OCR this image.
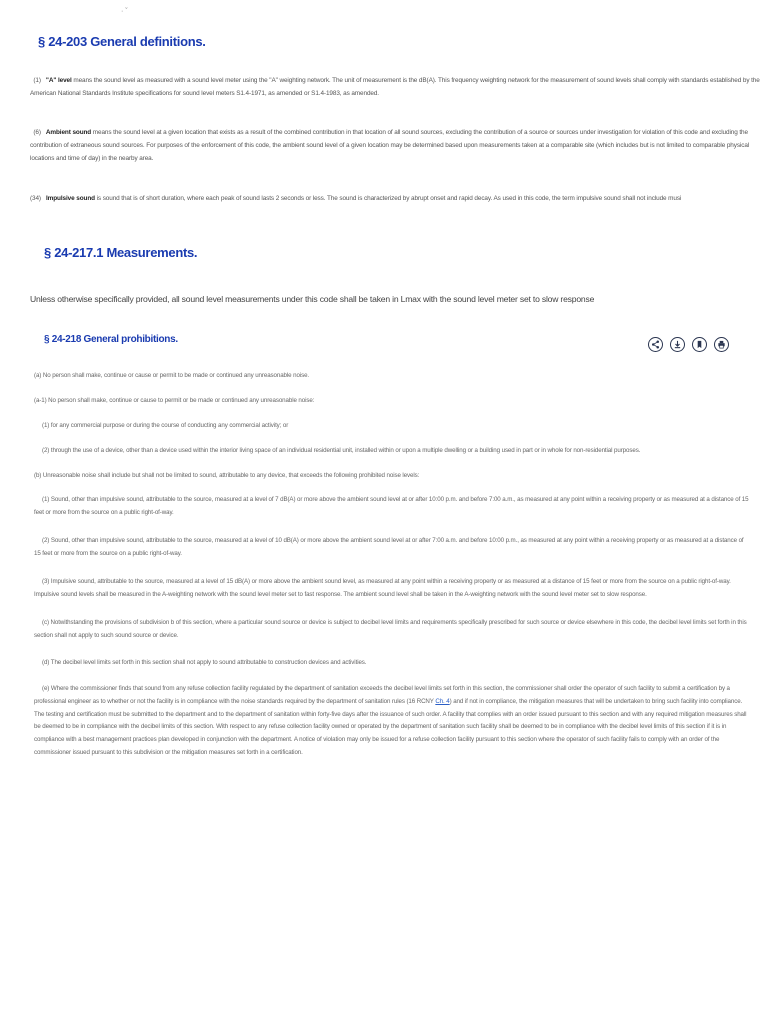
· ˇ
§ 24-203 General definitions.
(1) "A" level means the sound level as measured with a sound level meter using the "A" weighting network. The unit of measurement is the dB(A). This frequency weighting network for the measurement of sound levels shall comply with standards established by the American National Standards Institute specifications for sound level meters S1.4-1971, as amended or S1.4-1983, as amended.
(6) Ambient sound means the sound level at a given location that exists as a result of the combined contribution in that location of all sound sources, excluding the contribution of a source or sources under investigation for violation of this code and excluding the contribution of extraneous sound sources. For purposes of the enforcement of this code, the ambient sound level of a given location may be determined based upon measurements taken at a comparable site (which includes but is not limited to comparable physical locations and time of day) in the nearby area.
(34) Impulsive sound is sound that is of short duration, where each peak of sound lasts 2 seconds or less. The sound is characterized by abrupt onset and rapid decay. As used in this code, the term impulsive sound shall not include musi
§ 24-217.1 Measurements.
Unless otherwise specifically provided, all sound level measurements under this code shall be taken in Lmax with the sound level meter set to slow response
§ 24-218 General prohibitions.
(a) No person shall make, continue or cause or permit to be made or continued any unreasonable noise.
(a-1) No person shall make, continue or cause to permit or be made or continued any unreasonable noise:
(1) for any commercial purpose or during the course of conducting any commercial activity; or
(2) through the use of a device, other than a device used within the interior living space of an individual residential unit, installed within or upon a multiple dwelling or a building used in part or in whole for non-residential purposes.
(b) Unreasonable noise shall include but shall not be limited to sound, attributable to any device, that exceeds the following prohibited noise levels:
(1) Sound, other than impulsive sound, attributable to the source, measured at a level of 7 dB(A) or more above the ambient sound level at or after 10:00 p.m. and before 7:00 a.m., as measured at any point within a receiving property or as measured at a distance of 15 feet or more from the source on a public right-of-way.
(2) Sound, other than impulsive sound, attributable to the source, measured at a level of 10 dB(A) or more above the ambient sound level at or after 7:00 a.m. and before 10:00 p.m., as measured at any point within a receiving property or as measured at a distance of 15 feet or more from the source on a public right-of-way.
(3) Impulsive sound, attributable to the source, measured at a level of 15 dB(A) or more above the ambient sound level, as measured at any point within a receiving property or as measured at a distance of 15 feet or more from the source on a public right-of-way. Impulsive sound levels shall be measured in the A-weighting network with the sound level meter set to fast response. The ambient sound level shall be taken in the A-weighting network with the sound level meter set to slow response.
(c) Notwithstanding the provisions of subdivision b of this section, where a particular sound source or device is subject to decibel level limits and requirements specifically prescribed for such source or device elsewhere in this code, the decibel level limits set forth in this section shall not apply to such sound source or device.
(d) The decibel level limits set forth in this section shall not apply to sound attributable to construction devices and activities.
(e) Where the commissioner finds that sound from any refuse collection facility regulated by the department of sanitation exceeds the decibel level limits set forth in this section, the commissioner shall order the operator of such facility to submit a certification by a professional engineer as to whether or not the facility is in compliance with the noise standards required by the department of sanitation rules (16 RCNY Ch. 4) and if not in compliance, the mitigation measures that will be undertaken to bring such facility into compliance. The testing and certification must be submitted to the department and to the department of sanitation within forty-five days after the issuance of such order. A facility that complies with an order issued pursuant to this section and with any required mitigation measures shall be deemed to be in compliance with the decibel limits of this section. With respect to any refuse collection facility owned or operated by the department of sanitation such facility shall be deemed to be in compliance with the decibel level limits of this section if it is in compliance with a best management practices plan developed in conjunction with the department. A notice of violation may only be issued for a refuse collection facility pursuant to this section where the operator of such facility fails to comply with an order of the commissioner issued pursuant to this subdivision or the mitigation measures set forth in a certification.
